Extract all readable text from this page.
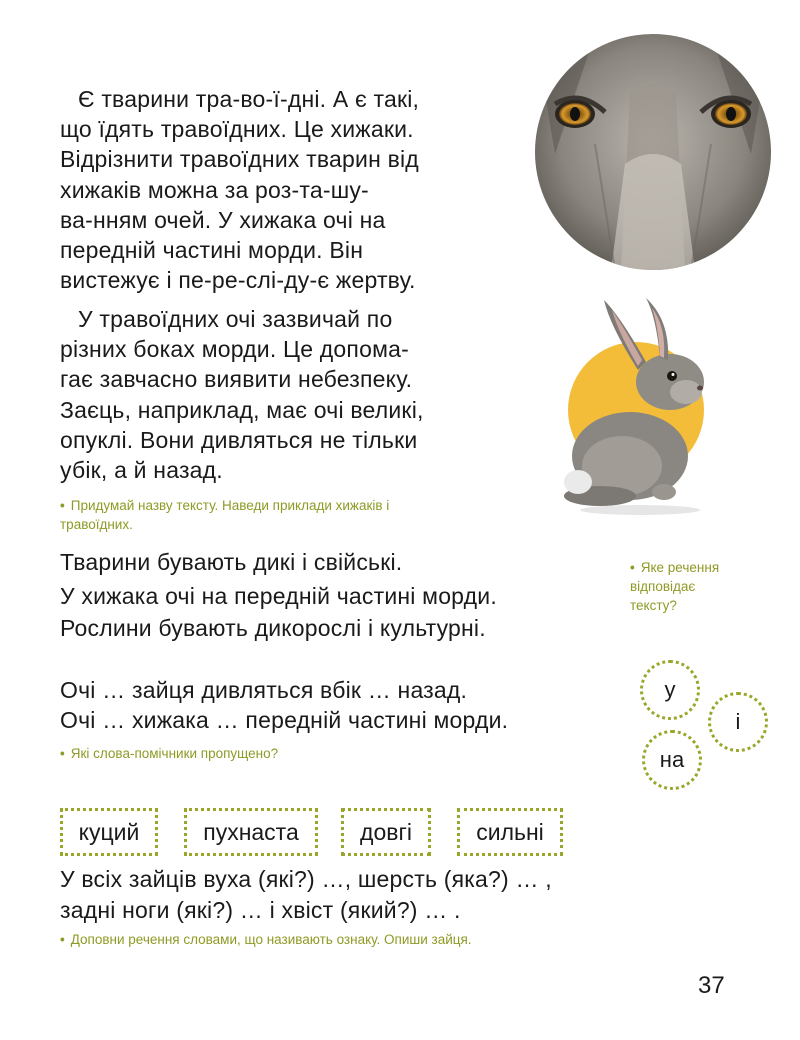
Є тварини тра-во-ї-дні. А є такі,
що їдять травоїдних. Це хижаки.
Відрізнити травоїдних тварин від
хижаків можна за роз-та-шу-
ва-нням очей. У хижака очі на
передній частині морди. Він
вистежує і пе-ре-слі-ду-є жертву.
У травоїдних очі зазвичай по
різних боках морди. Це допома-
гає завчасно виявити небезпеку.
Заєць, наприклад, має очі великі,
опуклі. Вони дивляться не тільки
убік, а й назад.
• Придумай назву тексту. Наведи приклади хижаків і
травоїдних.

Тварини бувають дикі і свійські.

У хижака очі на передній частині морди.

Рослини бувають дикорослі і культурні.

• Яке речення
відповідає
тексту?

Очі … зайця дивляться вбік … назад.

Очі … хижака … передній частині морди.

• Які слова-помічники пропущено?
у
і
на
куций	пухнаста	довгі	сильні

У всіх зайців вуха (які?) …, шерсть (яка?) … ,

задні ноги (які?) … і хвіст (який?) … .

• Доповни речення словами, що називають ознаку. Опиши зайця.
37
